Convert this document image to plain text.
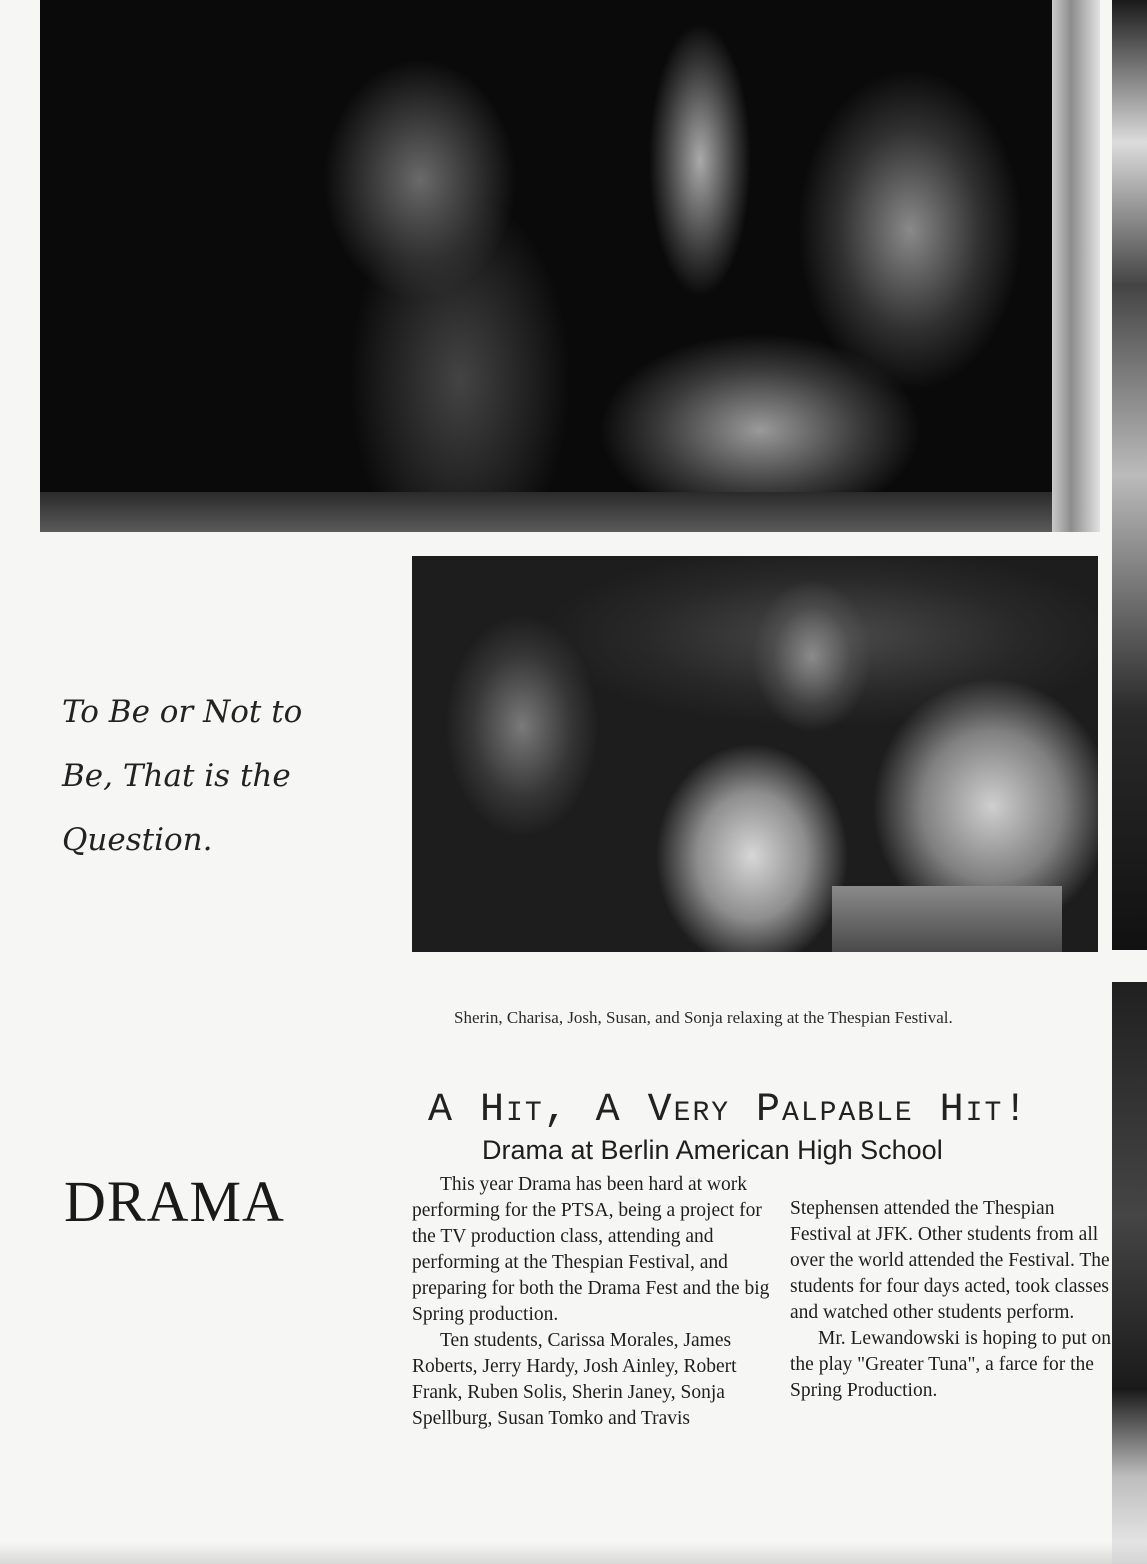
To Be or Not to Be, That is the Question.
DRAMA
Sherin, Charisa, Josh, Susan, and Sonja relaxing at the Thespian Festival.
A Hit, A Very Palpable Hit!
Drama at Berlin American High School

This year Drama has been hard at work performing for the PTSA, being a project for the TV production class, attending and performing at the Thespian Festival, and preparing for both the Drama Fest and the big Spring production.

Ten students, Carissa Morales, James Roberts, Jerry Hardy, Josh Ainley, Robert Frank, Ruben Solis, Sherin Janey, Sonja Spellburg, Susan Tomko and Travis

Stephensen attended the Thespian Festival at JFK. Other students from all over the world attended the Festival. The students for four days acted, took classes and watched other students perform.

Mr. Lewandowski is hoping to put on the play "Greater Tuna", a farce for the Spring Production.
